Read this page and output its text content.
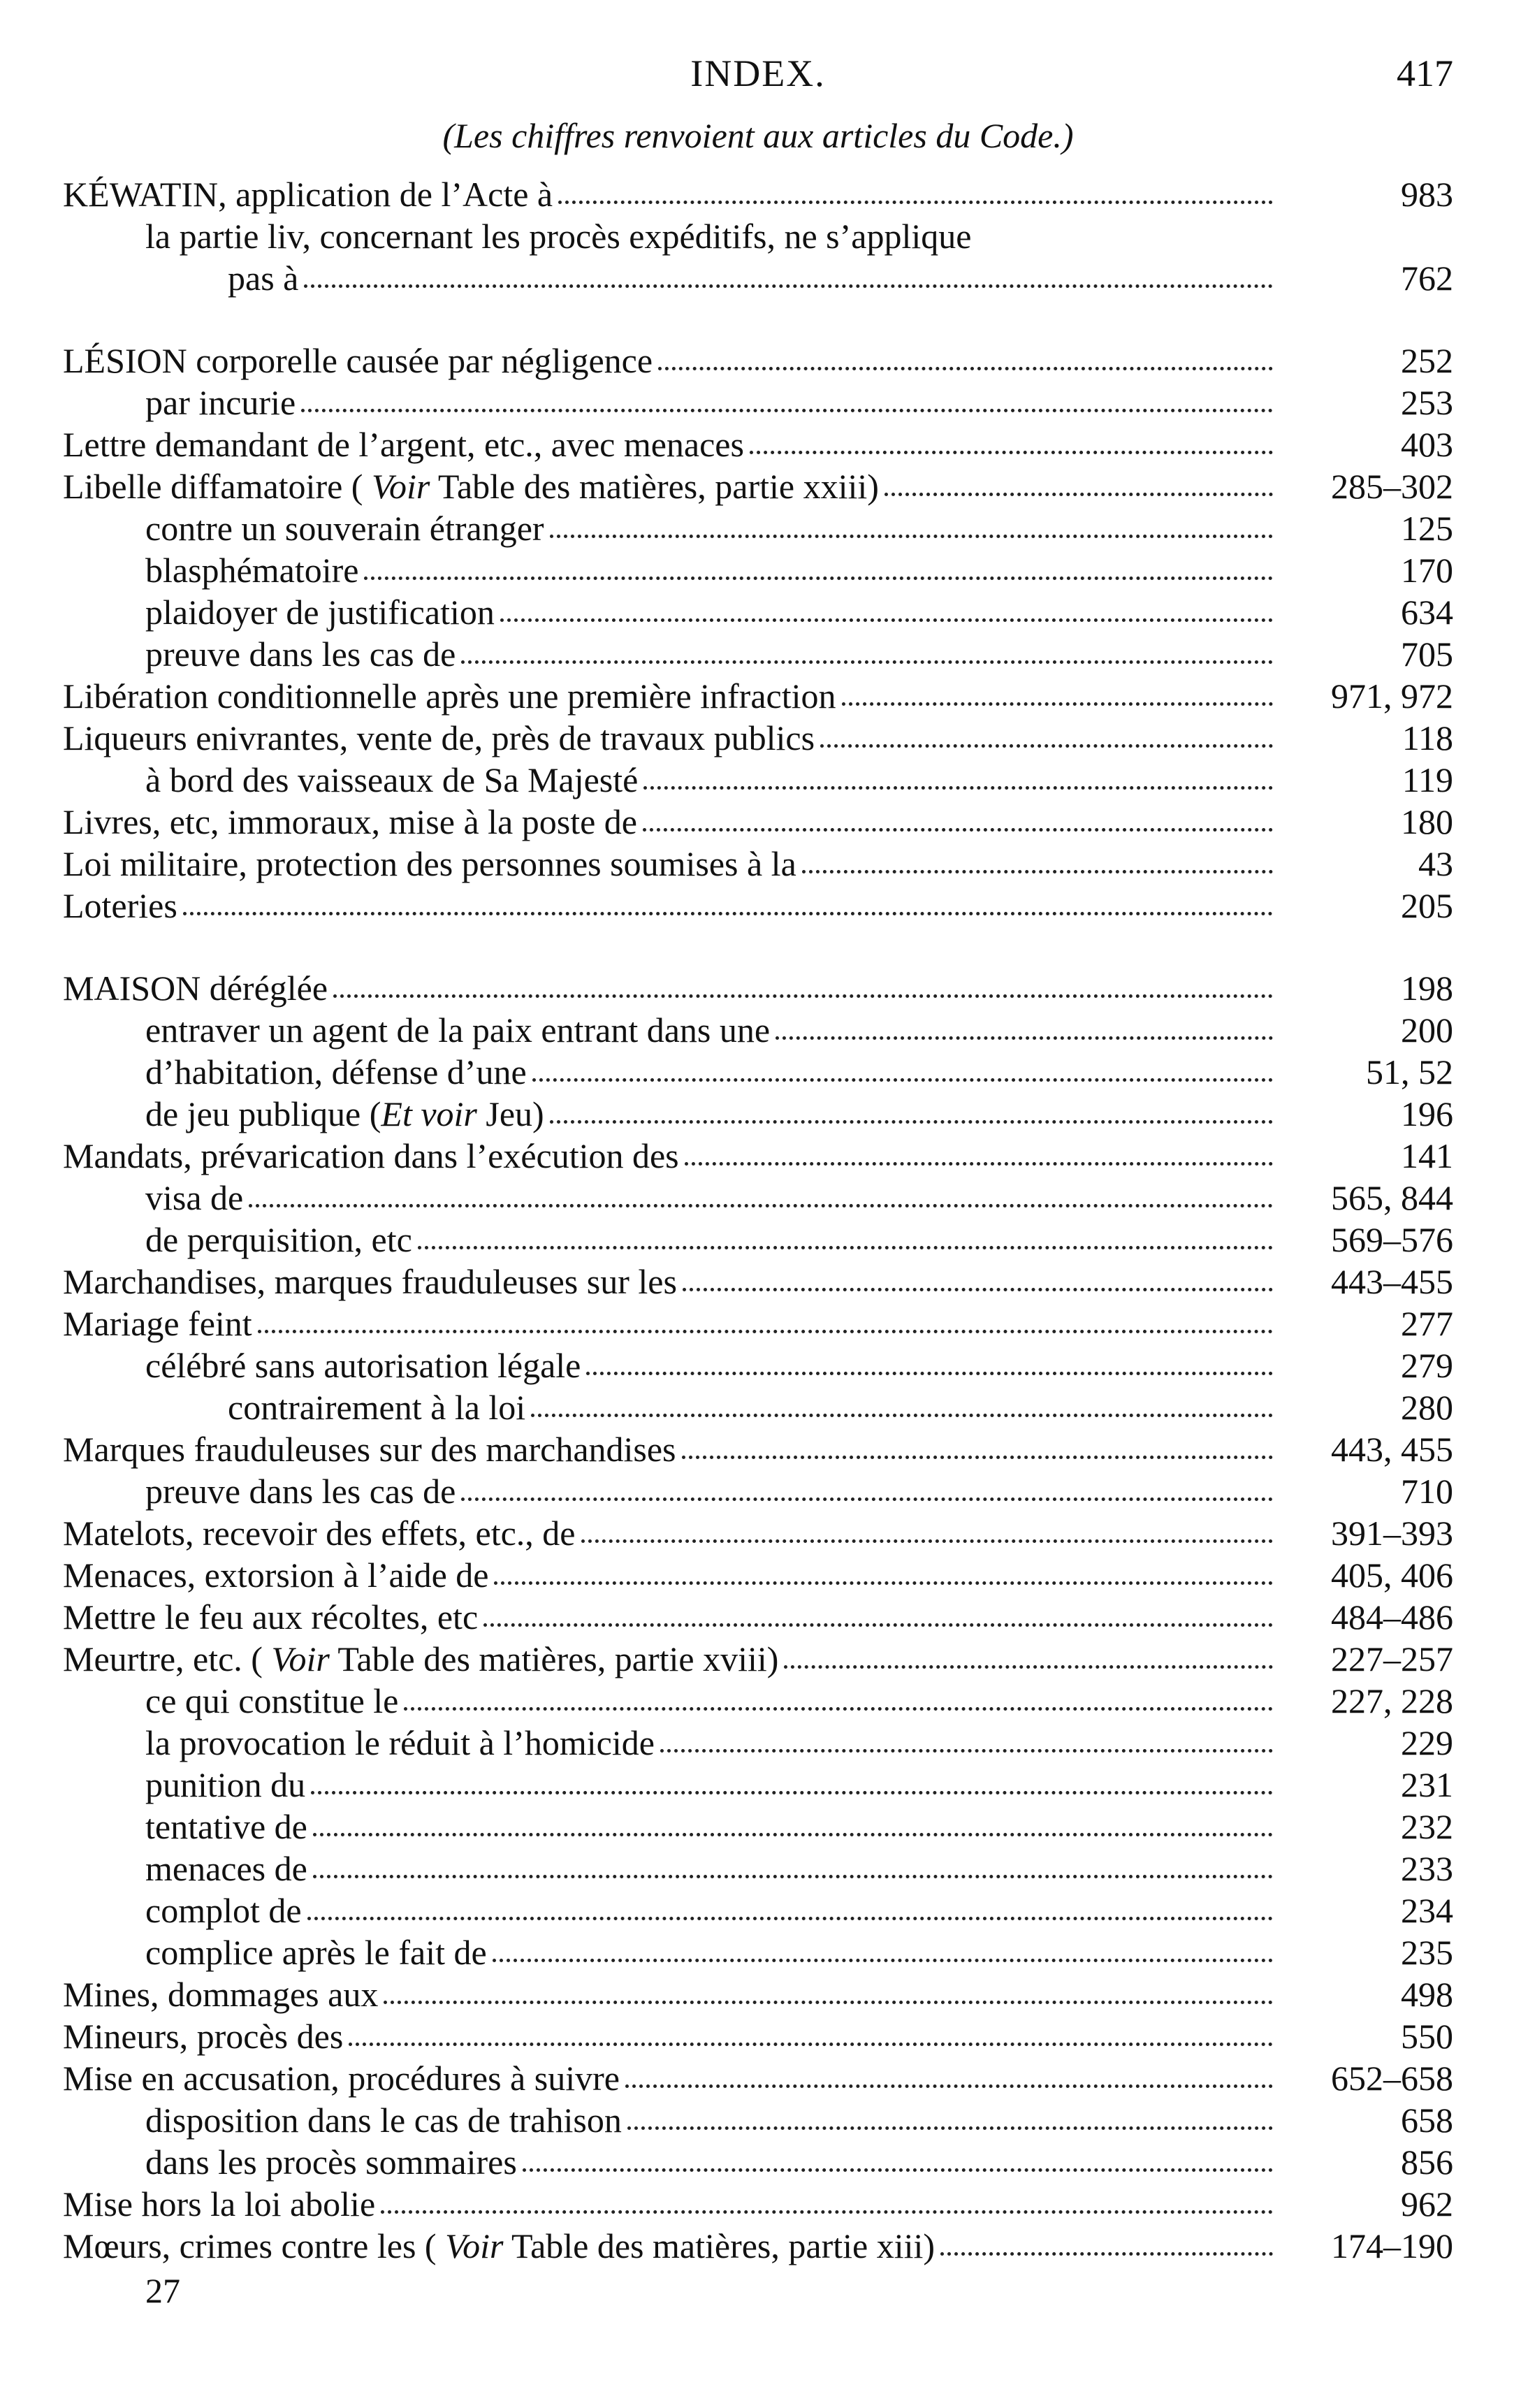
INDEX.	417
(Les chiffres renvoient aux articles du Code.)
KÉWATIN, application de l’Acte à	983
la partie liv, concernant les procès expéditifs, ne s’applique
pas à	762
LÉSION corporelle causée par négligence	252
par incurie	253
Lettre demandant de l’argent, etc., avec menaces	403
Libelle diffamatoire ( Voir Table des matières, partie xxiii)	285–302
contre un souverain étranger	125
blasphématoire	170
plaidoyer de justification	634
preuve dans les cas de	705
Libération conditionnelle après une première infraction	971, 972
Liqueurs enivrantes, vente de, près de travaux publics	118
à bord des vaisseaux de Sa Majesté	119
Livres, etc, immoraux, mise à la poste de	180
Loi militaire, protection des personnes soumises à la	43
Loteries	205
MAISON déréglée	198
entraver un agent de la paix entrant dans une	200
d’habitation, défense d’une	51, 52
de jeu publique (Et voir Jeu)	196
Mandats, prévarication dans l’exécution des	141
visa de	565, 844
de perquisition, etc	569–576
Marchandises, marques frauduleuses sur les	443–455
Mariage feint	277
célébré sans autorisation légale	279
contrairement à la loi	280
Marques frauduleuses sur des marchandises	443, 455
preuve dans les cas de	710
Matelots, recevoir des effets, etc., de	391–393
Menaces, extorsion à l’aide de	405, 406
Mettre le feu aux récoltes, etc	484–486
Meurtre, etc. ( Voir Table des matières, partie xviii)	227–257
ce qui constitue le	227, 228
la provocation le réduit à l’homicide	229
punition du	231
tentative de	232
menaces de	233
complot de	234
complice après le fait de	235
Mines, dommages aux	498
Mineurs, procès des	550
Mise en accusation, procédures à suivre	652–658
disposition dans le cas de trahison	658
dans les procès sommaires	856
Mise hors la loi abolie	962
Mœurs, crimes contre les ( Voir Table des matières, partie xiii)	174–190
27
